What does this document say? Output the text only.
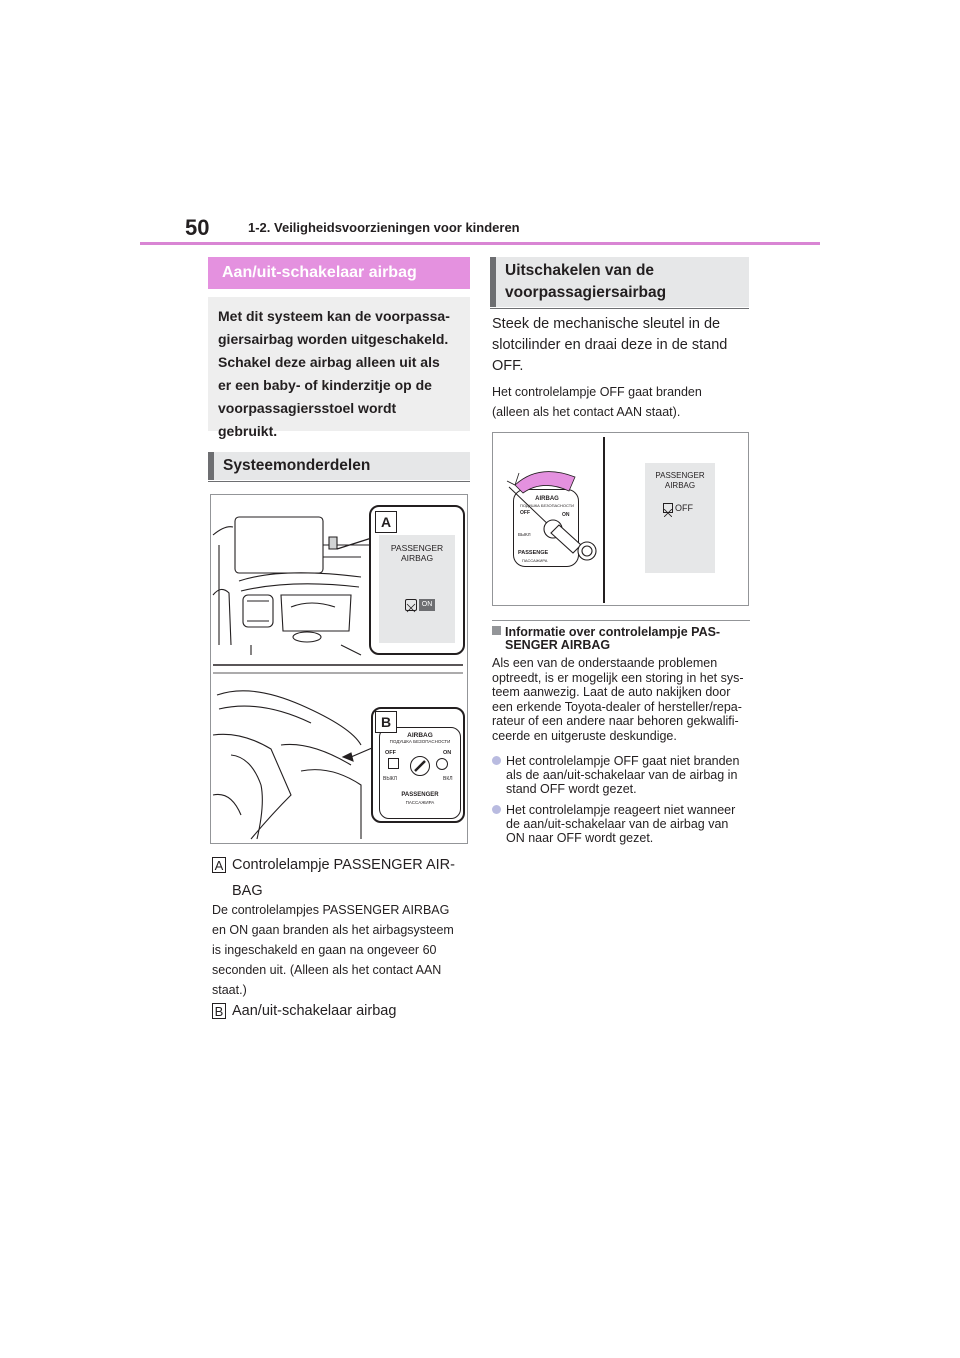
50	1-2. Veiligheidsvoorzieningen voor kinderen
Aan/uit-schakelaar airbag
Met dit systeem kan de voorpassa-
giersairbag worden uitgeschakeld.
Schakel deze airbag alleen uit als
er een baby- of kinderzitje op de
voorpassagiersstoel wordt
gebruikt.
Systeemonderdelen
PASSENGER
AIRBAG
ON
A
AIRBAG
ПОДУШКА БЕЗОПАСНОСТИ
OFF	ON
ВЫКЛ	ВКЛ
PASSENGER
ПАССАЖИРА
B
A Controlelampje PASSENGER AIR-
BAG
De controlelampjes PASSENGER AIRBAG
en ON gaan branden als het airbagsysteem
is ingeschakeld en gaan na ongeveer 60
seconden uit. (Alleen als het contact AAN
staat.)
B Aan/uit-schakelaar airbag
Uitschakelen van de
voorpassagiersairbag
Steek de mechanische sleutel in de
slotcilinder en draai deze in de stand
OFF.
Het controlelampje OFF gaat branden
(alleen als het contact AAN staat).
AIRBAG
ПОДУШКА БЕЗОПАСНОСТИ
OFF	ON
ВЫКЛ
PASSENGE
ПАССАЖИРА
PASSENGER
AIRBAG
OFF
Informatie over controlelampje PAS-
SENGER AIRBAG
Als een van de onderstaande problemen
optreedt, is er mogelijk een storing in het sys-
teem aanwezig. Laat de auto nakijken door
een erkende Toyota-dealer of hersteller/repa-
rateur of een andere naar behoren gekwalifi-
ceerde en uitgeruste deskundige.
Het controlelampje OFF gaat niet branden
als de aan/uit-schakelaar van de airbag in
stand OFF wordt gezet.
Het controlelampje reageert niet wanneer
de aan/uit-schakelaar van de airbag van
ON naar OFF wordt gezet.
